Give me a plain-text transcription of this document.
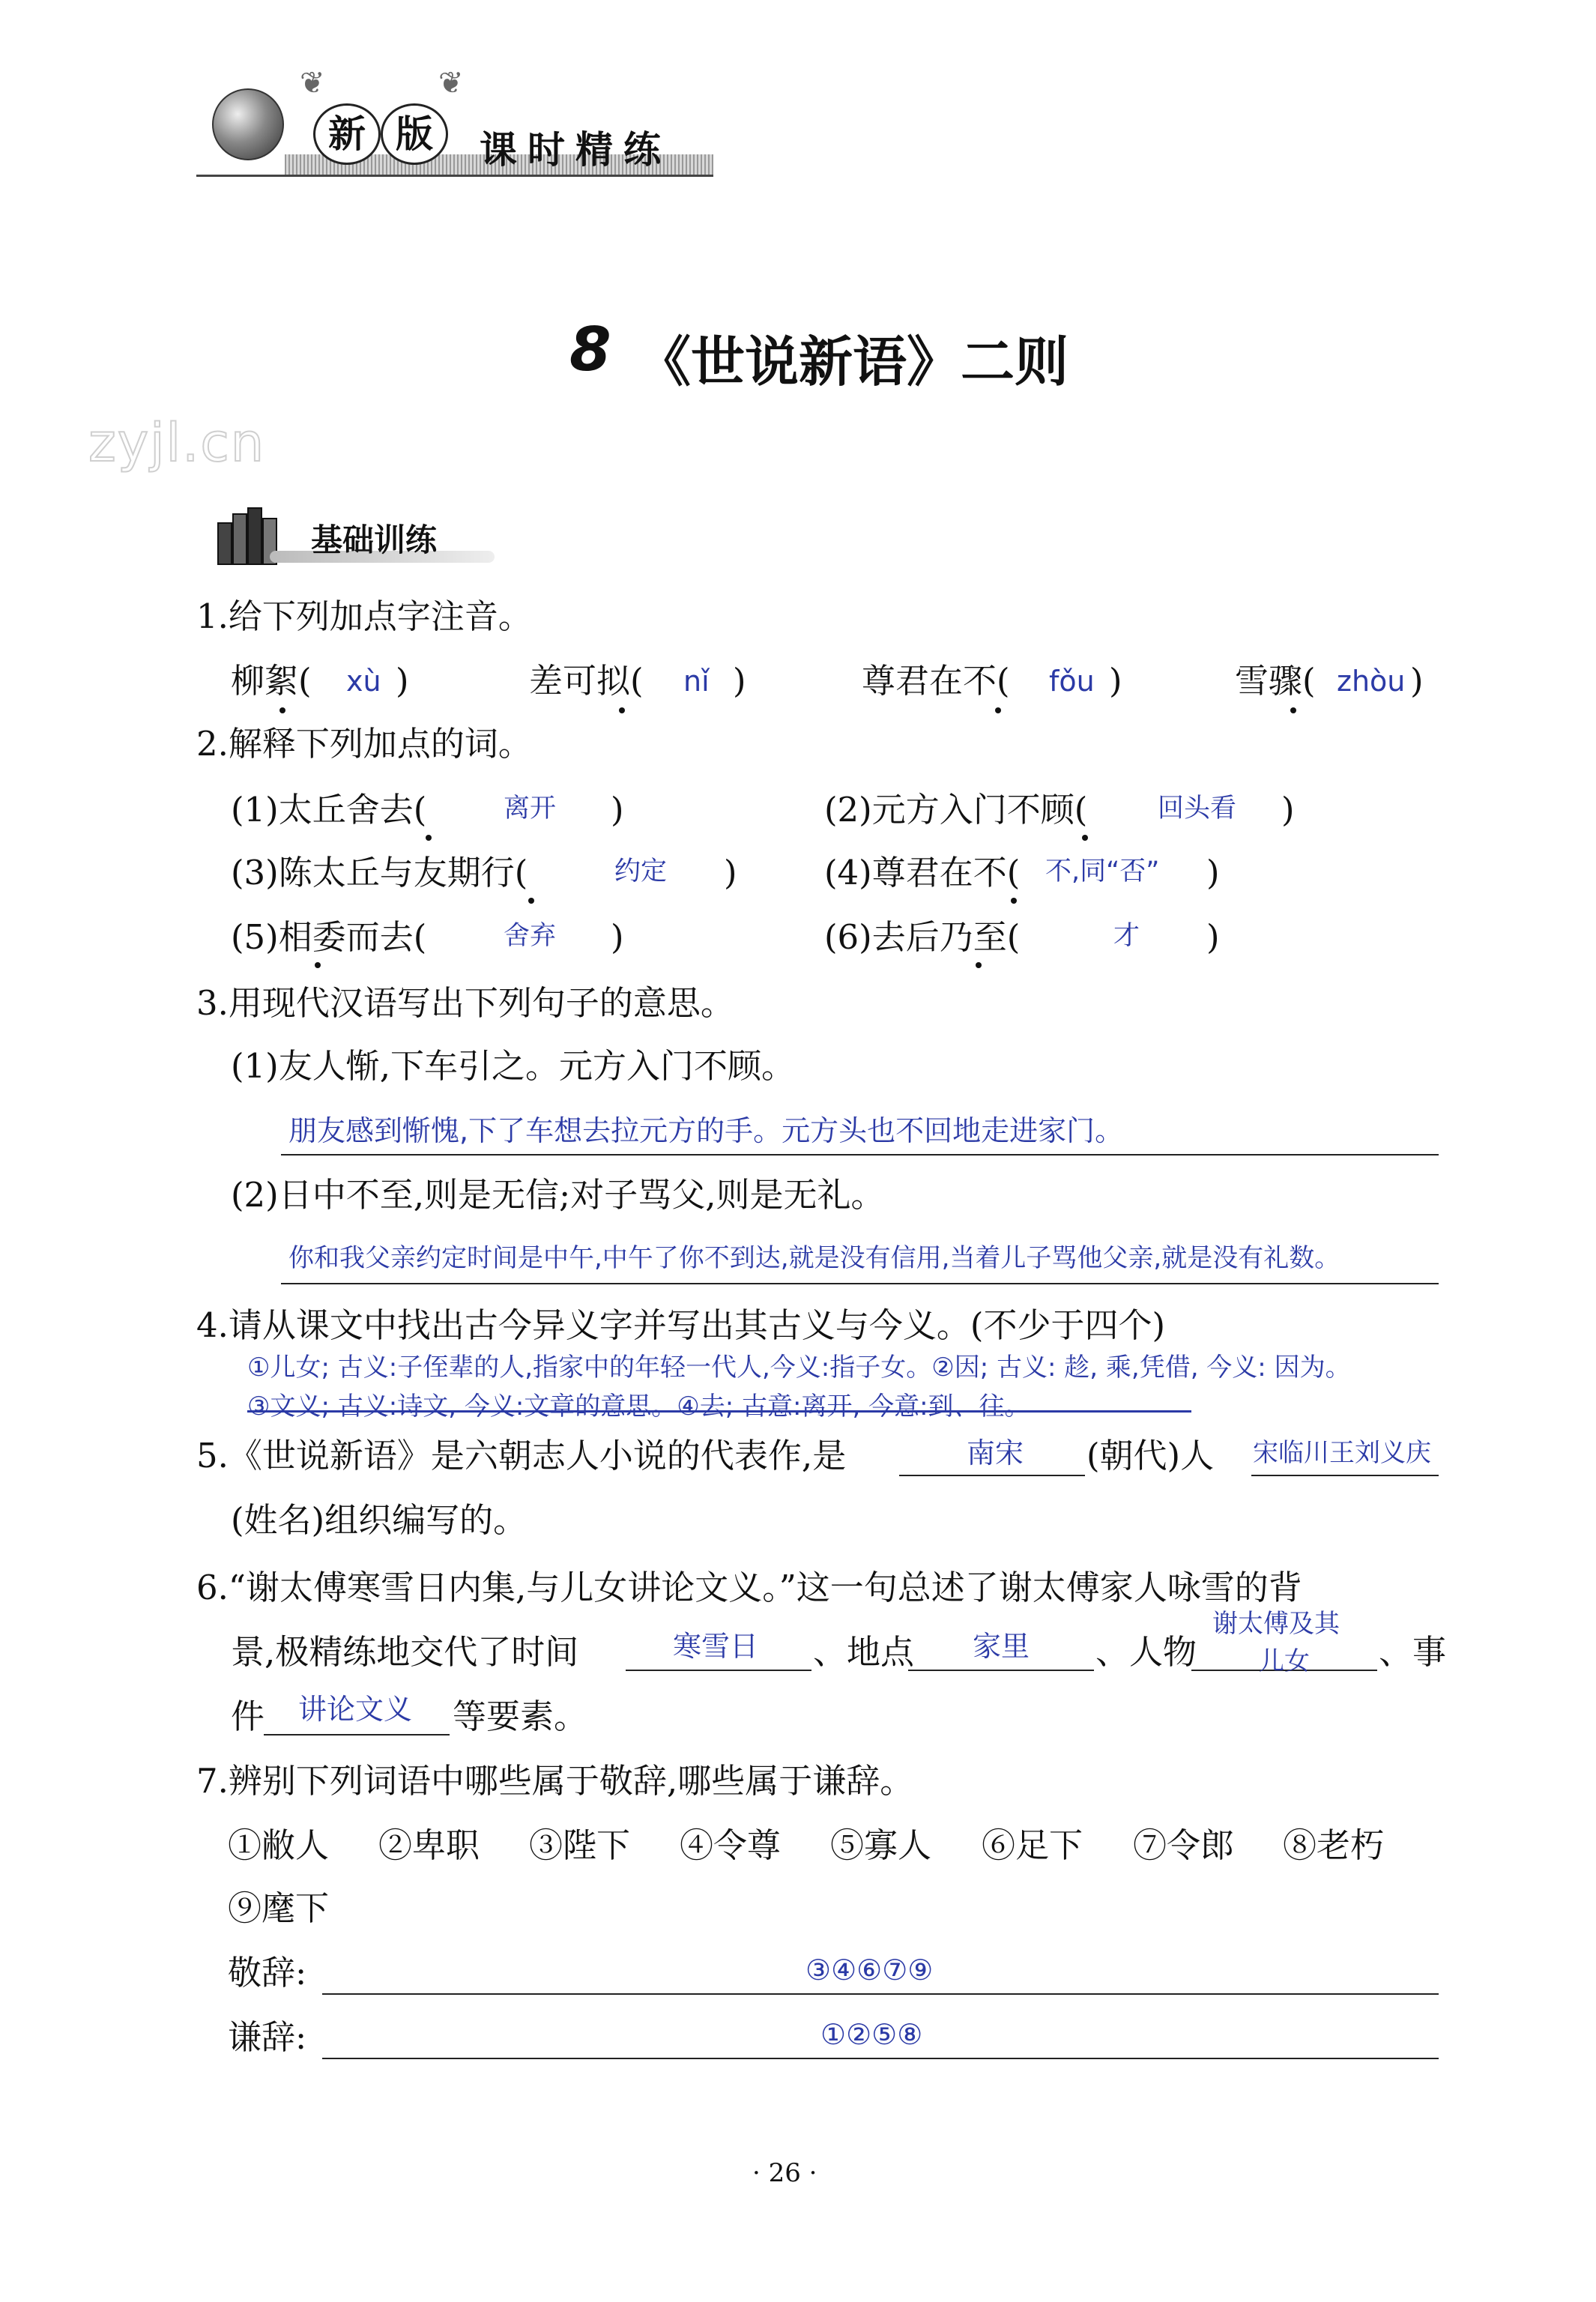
❦	❦
新 版	课时精练
zyjl.cn
8 《世说新语》二则
基础训练
1.给下列加点字注音。
柳絮( xù )	差可拟( nǐ )	尊君在不( fǒu )	雪骤( zhòu )
2.解释下列加点的词。
(1)太丘舍去(	离开 )	(2)元方入门不顾(	回头看 )
(3)陈太丘与友期行(	约定 )	(4)尊君在不( 不,同“否” )
(5)相委而去(	舍弃 )	(6)去后乃至(	才 )
3.用现代汉语写出下列句子的意思。
(1)友人惭,下车引之。元方入门不顾。
朋友感到惭愧,下了车想去拉元方的手。元方头也不回地走进家门。
(2)日中不至,则是无信;对子骂父,则是无礼。
你和我父亲约定时间是中午,中午了你不到达,就是没有信用,当着儿子骂他父亲,就是没有礼数。
4.请从课文中找出古今异义字并写出其古义与今义。(不少于四个)
①儿女; 古义:子侄辈的人,指家中的年轻一代人,今义:指子女。②因; 古义: 趁, 乘,凭借, 今义: 因为。
③文义; 古义:诗文, 今义:文章的意思。④去; 古意:离开, 今意:到、往。
5.《世说新语》是六朝志人小说的代表作,是	南宋 (朝代)人 宋临川王刘义庆
(姓名)组织编写的。
6.“谢太傅寒雪日内集,与儿女讲论文义。”这一句总述了谢太傅家人咏雪的背
景,极精练地交代了时间	寒雪日 、地点 家里 、人物
谢太傅及其
儿女 、事
件 讲论文义 等要素。
7.辨别下列词语中哪些属于敬辞,哪些属于谦辞。
①敝人 ②卑职 ③陛下 ④令尊 ⑤寡人 ⑥足下 ⑦令郎 ⑧老朽
⑨麾下
敬辞:	③④⑥⑦⑨
谦辞:	①②⑤⑧
· 26 ·
